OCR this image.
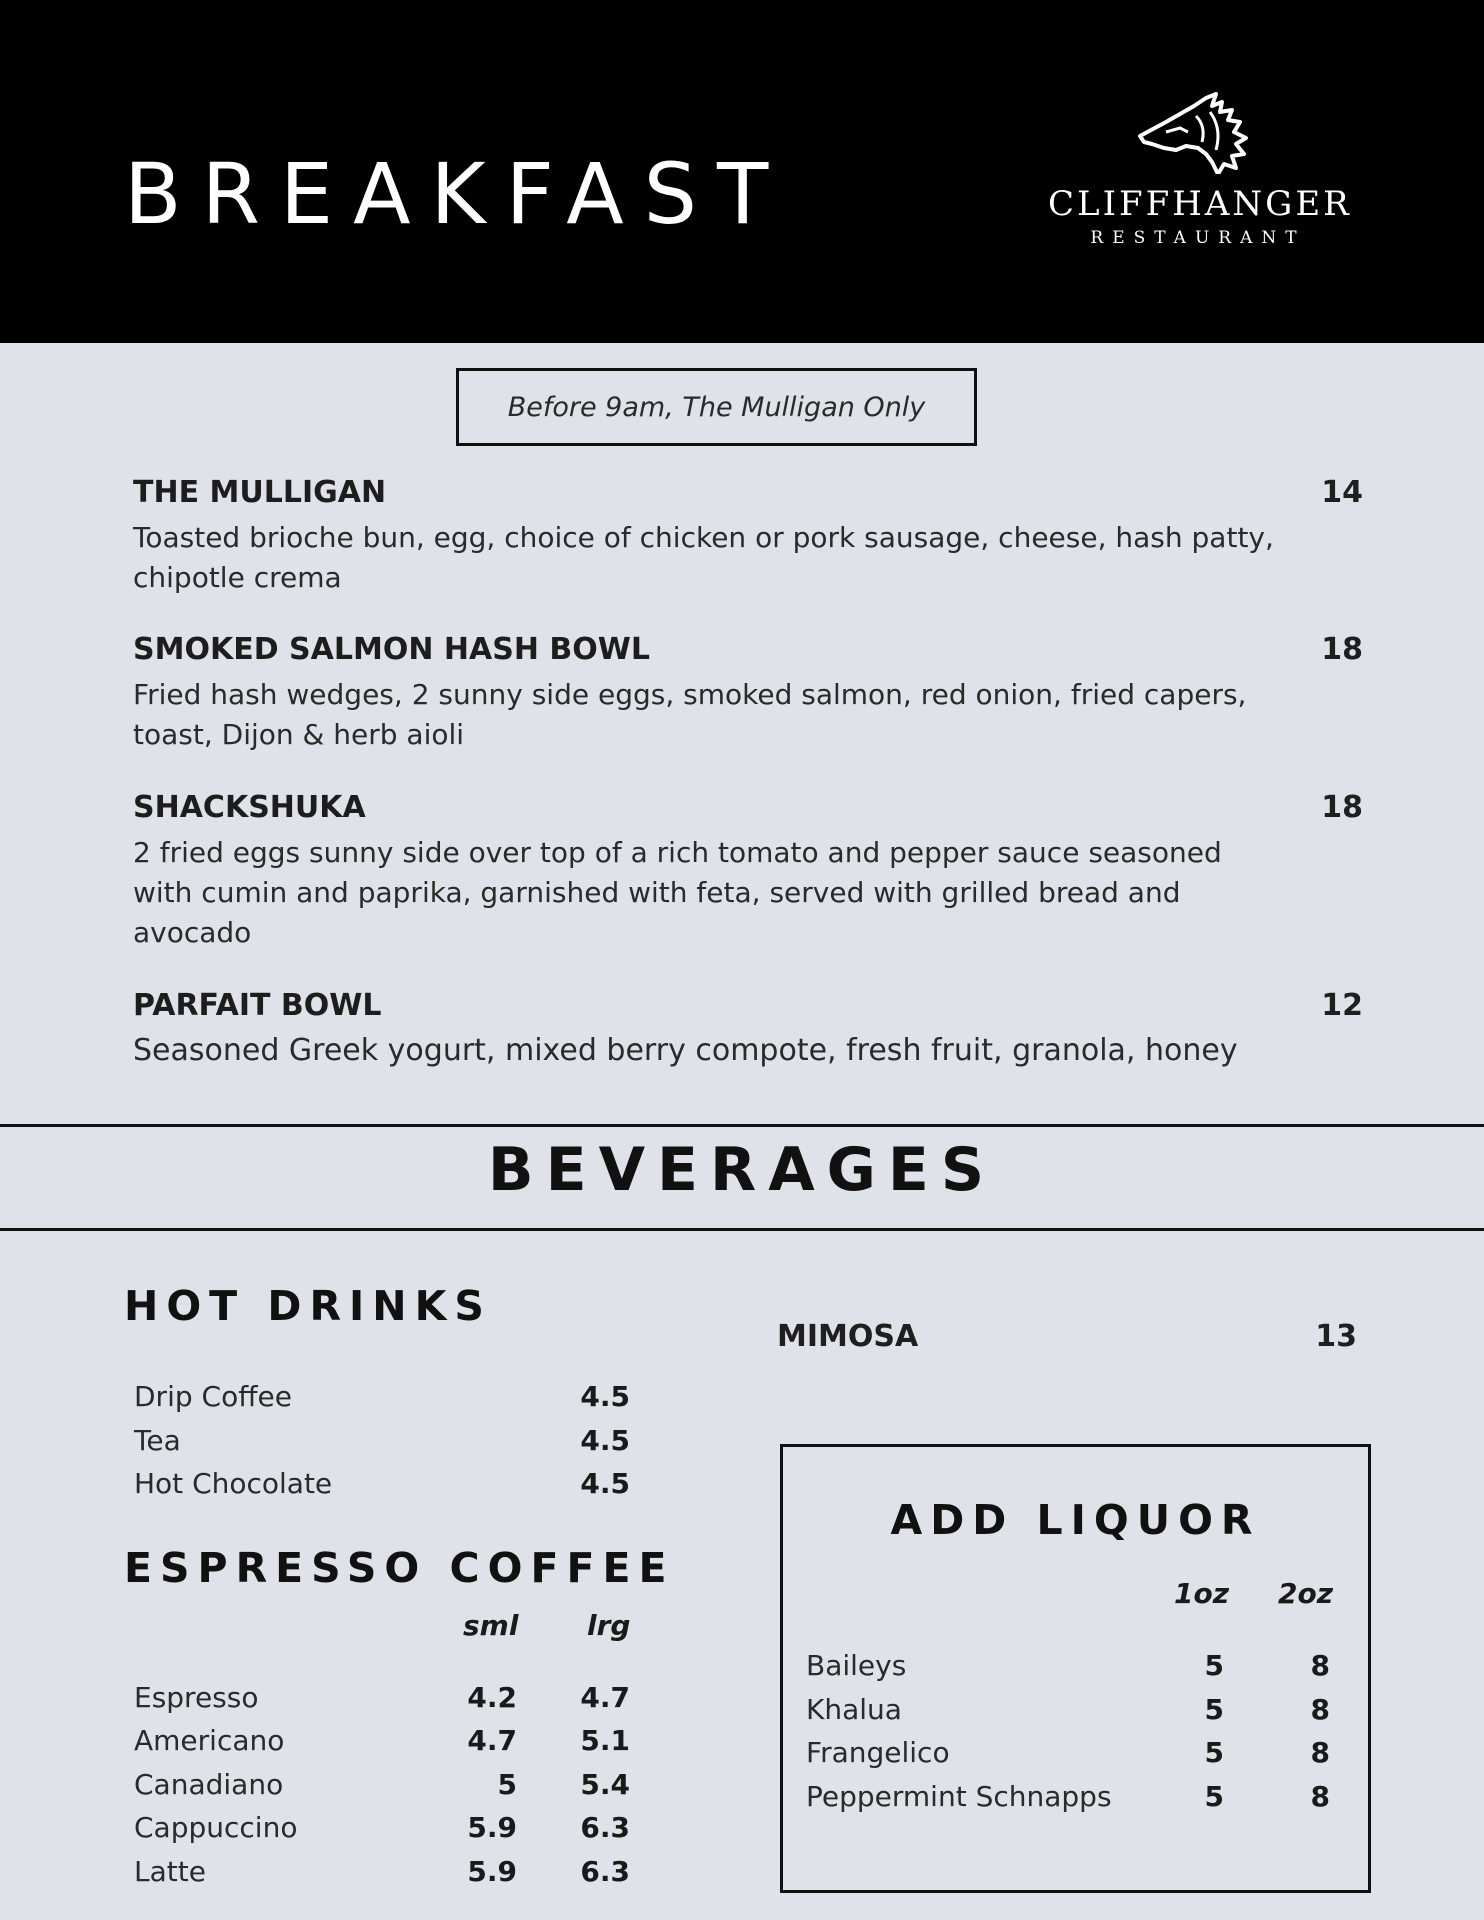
BREAKFAST	CLIFFHANGER
RESTAURANT
Before 9am, The Mulligan Only
THE MULLIGAN	14
Toasted brioche bun, egg, choice of chicken or pork sausage, cheese, hash patty, chipotle crema
SMOKED SALMON HASH BOWL	18
Fried hash wedges, 2 sunny side eggs, smoked salmon, red onion, fried capers, toast, Dijon & herb aioli
SHACKSHUKA	18
2 fried eggs sunny side over top of a rich tomato and pepper sauce seasoned with cumin and paprika, garnished with feta, served with grilled bread and avocado
PARFAIT BOWL	12
Seasoned Greek yogurt, mixed berry compote, fresh fruit, granola, honey
BEVERAGES
HOT DRINKS
Drip Coffee	4.5
Tea	4.5
Hot Chocolate	4.5
ESPRESSO COFFEE
sml lrg
Espresso	4.2 4.7
Americano	4.7 5.1
Canadiano	5 5.4
Cappuccino	5.9 6.3
Latte	5.9 6.3
MIMOSA	13
ADD LIQUOR
1oz 2oz
Baileys	5	8
Khalua	5	8
Frangelico	5	8
Peppermint Schnapps	5	8
